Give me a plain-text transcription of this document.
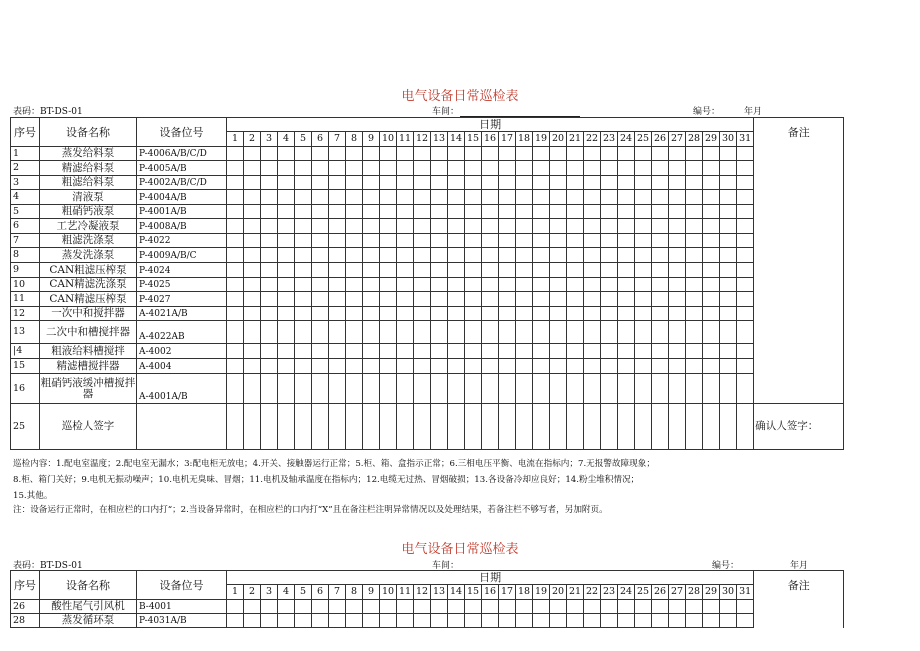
电气设备日常巡检表
表码：BT-DS-01	车间：	编号：	年月
序号	设备名称	设备位号	日期																															备注
			1	2	3	4	5	6	7	8	9	10	11	12	13	14	15	16	17	18	19	20	21	22	23	24	25	26	27	28	29	30	31	
1	蒸发给料泵	P-4006A/B/C/D																																
2	精滤给料泵	P-4005A/B																																
3	粗滤给料泵	P-4002A/B/C/D																																
4	清液泵	P-4004A/B																																
5	粗硝钙液泵	P-4001A/B																																
6	工艺冷凝液泵	P-4008A/B																																
7	粗滤洗涤泵	P-4022																																
8	蒸发洗涤泵	P-4009A/B/C																																
9	CAN粗滤压榨泵	P-4024																																
10	CAN精滤洗涤泵	P-4025																																
11	CAN精滤压榨泵	P-4027																																
12	一次中和搅拌器	A-4021A/B																																
13	二次中和槽搅拌器	A-4022AB																																
|4	粗液给料槽搅拌	A-4002																																
15	精滤槽搅拌器	A-4004																																
16	粗硝钙液缓冲槽搅拌器	A-4001A/B																																
25	巡检人签字																																	确认人签字：
巡检内容：1.配电室温度；2.配电室无漏水；3:配电柜无放电；4.开关、接触器运行正常；5.柜、箱、盒指示正常；6.三相电压平衡、电流在指标内；7.无报警故障现象；
8.柜、箱门关好；9.电机无振动噪声；10.电机无臭味、冒烟；11.电机及轴承温度在指标内；12.电缆无过热、冒烟破损；13.各设备冷却应良好；14.粉尘堆积情况；
15.其他。
注：设备运行正常时，在相应栏的口内打“；2.当设备异常时，在相应栏的口内打“X”且在备注栏注明异常情况以及处理结果，若备注栏不够写者，另加附页。
电气设备日常巡检表
表码：BT-DS-01	车间：	编号：	年月
序号	设备名称	设备位号	日期																															备注
			1	2	3	4	5	6	7	8	9	10	11	12	13	14	15	16	17	18	19	20	21	22	23	24	25	26	27	28	29	30	31	
26	酸性尾气引风机	B-4001																																
28	蒸发循环泵	P-4031A/B																																
